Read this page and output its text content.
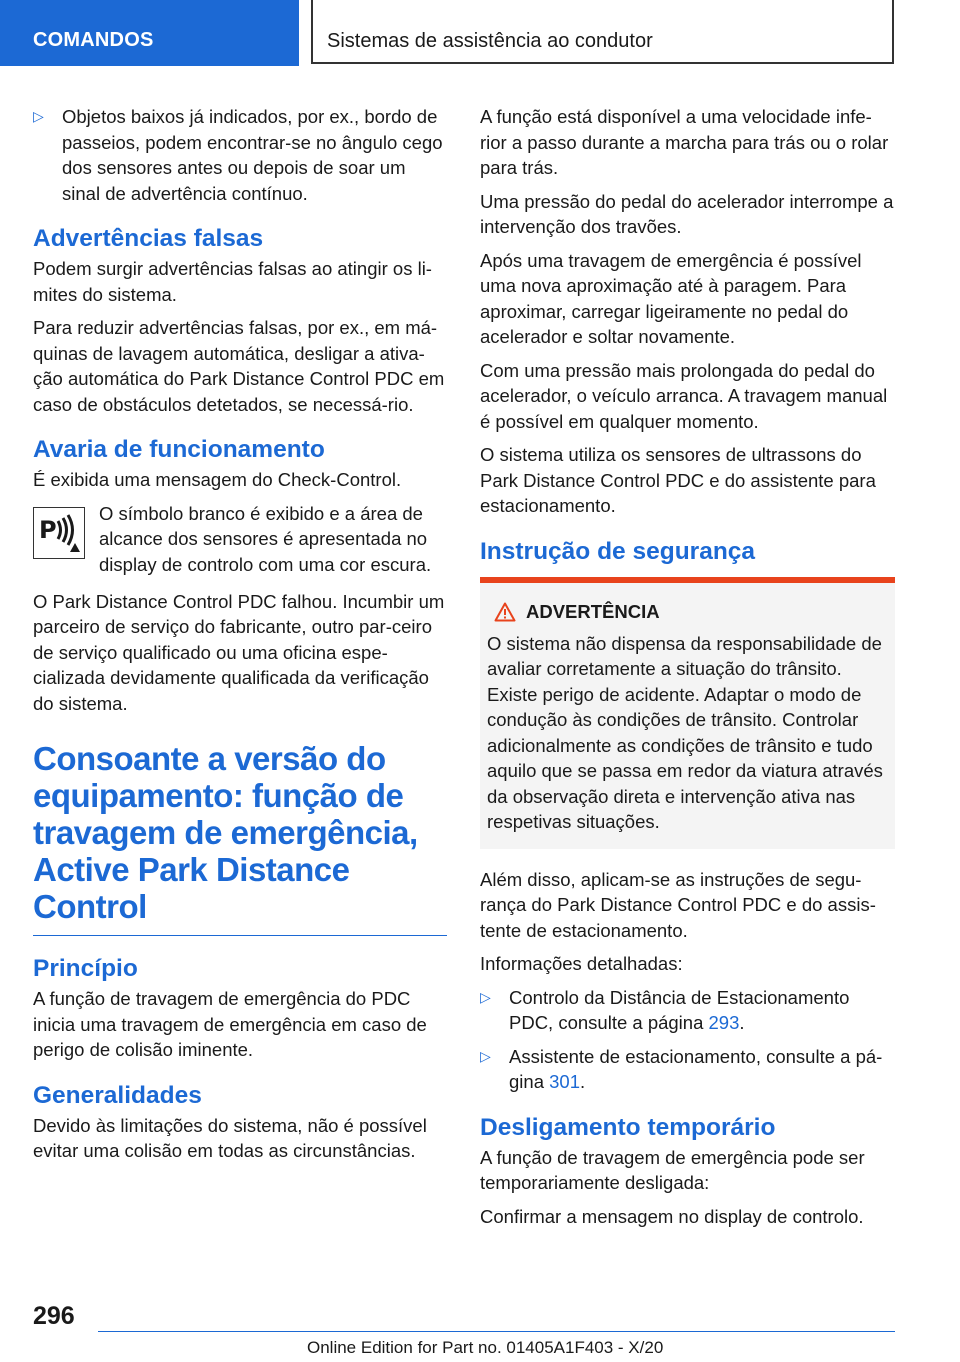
COMANDOS	Sistemas de assistência ao condutor
▷ Objetos baixos já indicados, por ex., bordo de passeios, podem encontrar-se no ângulo cego dos sensores antes ou depois de soar um sinal de advertência contínuo.
Advertências falsas

Podem surgir advertências falsas ao atingir os li-mites do sistema.

Para reduzir advertências falsas, por ex., em má-quinas de lavagem automática, desligar a ativa-ção automática do Park Distance Control PDC em caso de obstáculos detetados, se necessá-rio.

Avaria de funcionamento

É exibida uma mensagem do Check-Control.

P

O símbolo branco é exibido e a área de alcance dos sensores é apresentada no display de controlo com uma cor escura.

O Park Distance Control PDC falhou. Incumbir um parceiro de serviço do fabricante, outro par-ceiro de serviço qualificado ou uma oficina espe-cializada devidamente qualificada da verificação do sistema.

Consoante a versão do equipamento: função de travagem de emergência, Active Park Distance Control
Princípio

A função de travagem de emergência do PDC inicia uma travagem de emergência em caso de perigo de colisão iminente.

Generalidades

Devido às limitações do sistema, não é possível evitar uma colisão em todas as circunstâncias.

A função está disponível a uma velocidade infe-rior a passo durante a marcha para trás ou o rolar para trás.

Uma pressão do pedal do acelerador interrompe a intervenção dos travões.

Após uma travagem de emergência é possível uma nova aproximação até à paragem. Para aproximar, carregar ligeiramente no pedal do acelerador e soltar novamente.

Com uma pressão mais prolongada do pedal do acelerador, o veículo arranca. A travagem manual é possível em qualquer momento.

O sistema utiliza os sensores de ultrassons do Park Distance Control PDC e do assistente para estacionamento.

Instrução de segurança
ADVERTÊNCIA

O sistema não dispensa da responsabilidade de avaliar corretamente a situação do trânsito. Existe perigo de acidente. Adaptar o modo de condução às condições de trânsito. Controlar adicionalmente as condições de trânsito e tudo aquilo que se passa em redor da viatura através da observação direta e intervenção ativa nas respetivas situações.

Além disso, aplicam-se as instruções de segu-rança do Park Distance Control PDC e do assis-tente de estacionamento.

Informações detalhadas:

▷ Controlo da Distância de Estacionamento PDC, consulte a página 293.
▷ Assistente de estacionamento, consulte a pá-gina 301.
Desligamento temporário

A função de travagem de emergência pode ser temporariamente desligada:

Confirmar a mensagem no display de controlo.

296
Online Edition for Part no. 01405A1F403 - X/20
